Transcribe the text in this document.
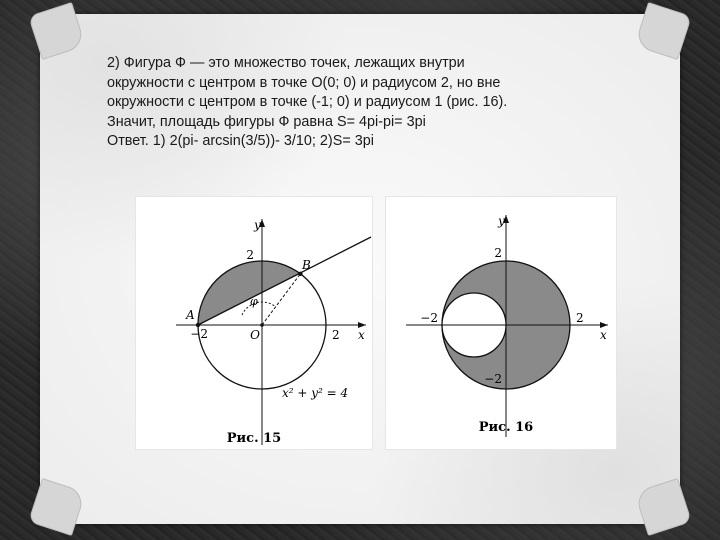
2) Фигура Ф — это множество точек, лежащих внутри
окружности с центром в точке О(0; 0) и радиусом 2, но вне
окружности с центром в точке (-1; 0) и радиусом 1 (рис. 16).
Значит, площадь фигуры Ф равна S= 4pi-pi= 3pi
Ответ. 1) 2(pi- arcsin(3/5))- 3/10; 2)S= 3pi
y
x
O
A
B
φ
2
−2	2
x² + y² = 4
Рис. 15
y
x
2
−2	2
−2
Рис. 16
